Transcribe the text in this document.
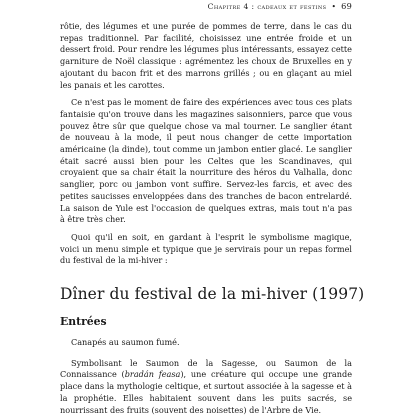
Chapitre 4 : cadeaux et festins • 69

rôtie, des légumes et une purée de pommes de terre, dans le cas du repas traditionnel. Par facilité, choisissez une entrée froide et un dessert froid. Pour rendre les légumes plus intéressants, essayez cette garniture de Noël classique : agrémentez les choux de Bruxelles en y ajoutant du bacon frit et des marrons grillés ; ou en glaçant au miel les panais et les carottes.

Ce n'est pas le moment de faire des expériences avec tous ces plats fantaisie qu'on trouve dans les magazines saisonniers, parce que vous pouvez être sûr que quelque chose va mal tourner. Le sanglier étant de nouveau à la mode, il peut nous changer de cette importation américaine (la dinde), tout comme un jambon entier glacé. Le sanglier était sacré aussi bien pour les Celtes que les Scandinaves, qui croyaient que sa chair était la nourriture des héros du Valhalla, donc sanglier, porc ou jambon vont suffire. Servez-les farcis, et avec des petites saucisses enveloppées dans des tranches de bacon entrelardé. La saison de Yule est l'occasion de quelques extras, mais tout n'a pas à être très cher.

Quoi qu'il en soit, en gardant à l'esprit le symbolisme magique, voici un menu simple et typique que je servirais pour un repas formel du festival de la mi-hiver :

Dîner du festival de la mi-hiver (1997)
Entrées

Canapés au saumon fumé.

Symbolisant le Saumon de la Sagesse, ou Saumon de la Connaissance (bradán feasa), une créature qui occupe une grande place dans la mythologie celtique, et surtout associée à la sagesse et à la prophétie. Elles habitaient souvent dans les puits sacrés, se nourrissant des fruits (souvent des noisettes) de l'Arbre de Vie.
